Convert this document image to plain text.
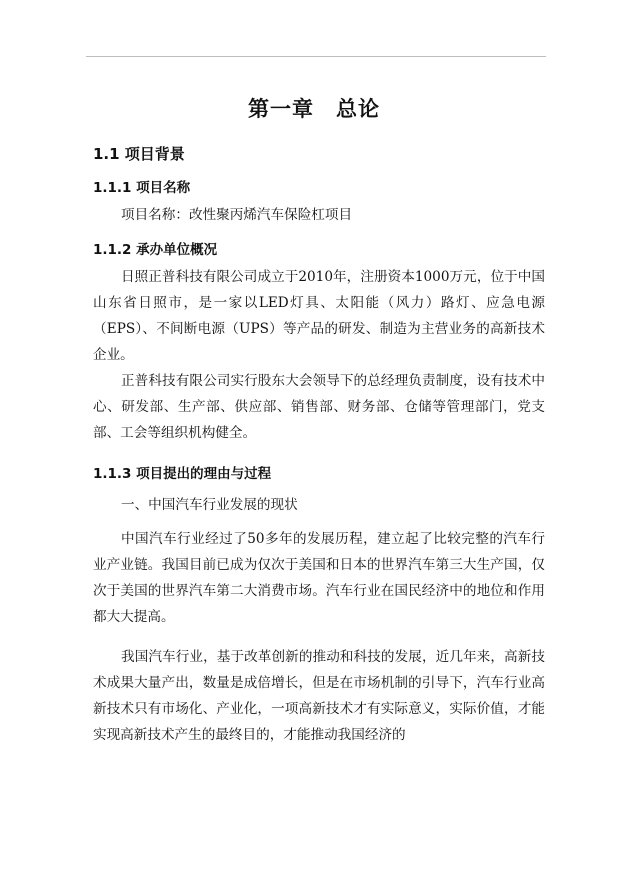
第一章　总论
1.1 项目背景
1.1.1 项目名称

项目名称：改性聚丙烯汽车保险杠项目

1.1.2 承办单位概况

日照正普科技有限公司成立于2010年，注册资本1000万元，位于中国山东省日照市，是一家以LED灯具、太阳能（风力）路灯、应急电源（EPS）、不间断电源（UPS）等产品的研发、制造为主营业务的高新技术企业。

正普科技有限公司实行股东大会领导下的总经理负责制度，设有技术中心、研发部、生产部、供应部、销售部、财务部、仓储等管理部门，党支部、工会等组织机构健全。

1.1.3 项目提出的理由与过程

一、中国汽车行业发展的现状

中国汽车行业经过了50多年的发展历程，建立起了比较完整的汽车行业产业链。我国目前已成为仅次于美国和日本的世界汽车第三大生产国，仅次于美国的世界汽车第二大消费市场。汽车行业在国民经济中的地位和作用都大大提高。

我国汽车行业，基于改革创新的推动和科技的发展，近几年来，高新技术成果大量产出，数量是成倍增长，但是在市场机制的引导下，汽车行业高新技术只有市场化、产业化，一项高新技术才有实际意义，实际价值，才能实现高新技术产生的最终目的，才能推动我国经济的
